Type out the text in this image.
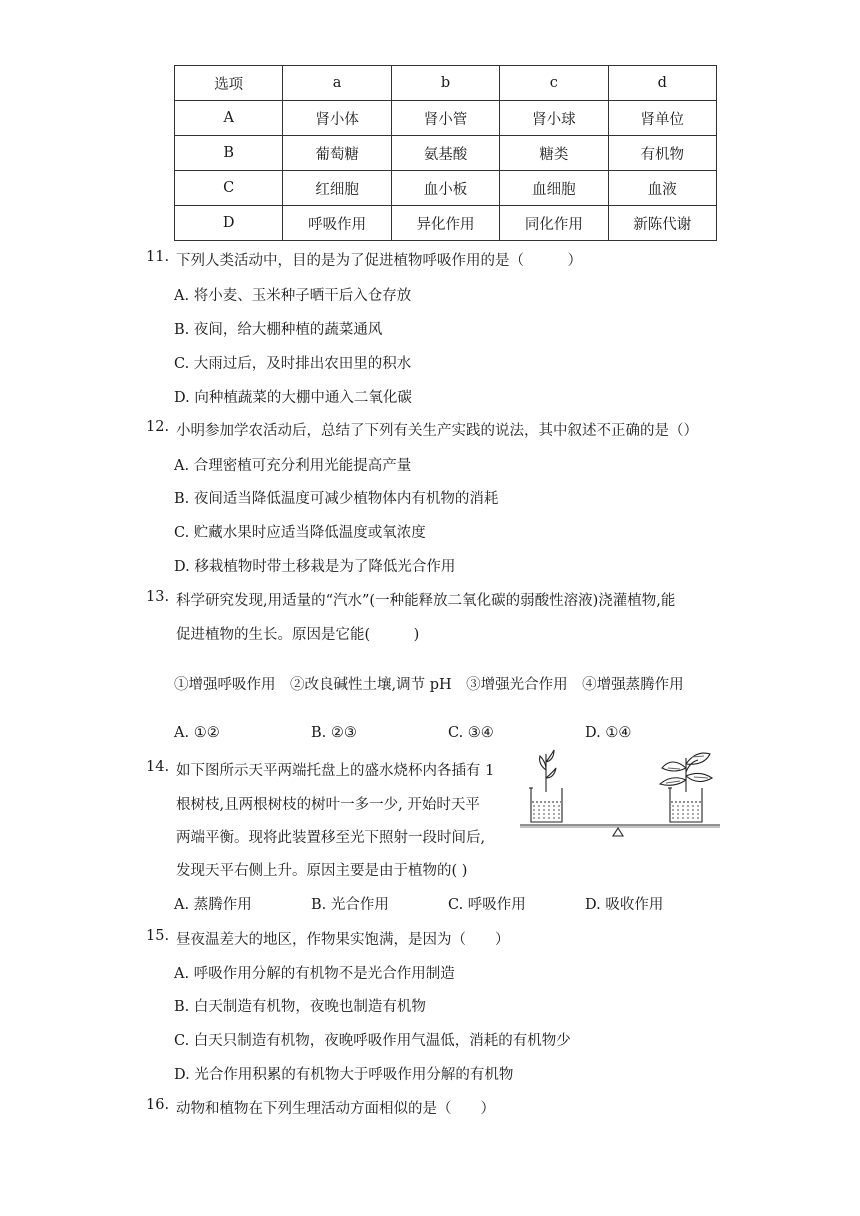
选项	a	b	c	d
A	肾小体	肾小管	肾小球	肾单位
B	葡萄糖	氨基酸	糖类	有机物
C	红细胞	血小板	血细胞	血液
D	呼吸作用	异化作用	同化作用	新陈代谢
11. 下列人类活动中，目的是为了促进植物呼吸作用的是（　　　）
A. 将小麦、玉米种子晒干后入仓存放
B. 夜间，给大棚种植的蔬菜通风
C. 大雨过后，及时排出农田里的积水
D. 向种植蔬菜的大棚中通入二氧化碳
12. 小明参加学农活动后，总结了下列有关生产实践的说法，其中叙述不正确的是（）
A. 合理密植可充分利用光能提高产量
B. 夜间适当降低温度可减少植物体内有机物的消耗
C. 贮藏水果时应适当降低温度或氧浓度
D. 移栽植物时带土移栽是为了降低光合作用
13. 科学研究发现,用适量的“汽水”(一种能释放二氧化碳的弱酸性溶液)浇灌植物,能
促进植物的生长。原因是它能(　　　)
①增强呼吸作用　②改良碱性土壤,调节 pH　③增强光合作用　④增强蒸腾作用
A. ①②	B. ②③	C. ③④	D. ①④
14. 如下图所示天平两端托盘上的盛水烧杯内各插有 1
根树枝,且两根树枝的树叶一多一少, 开始时天平
两端平衡。现将此装置移至光下照射一段时间后,
发现天平右侧上升。原因主要是由于植物的( )
A. 蒸腾作用	B. 光合作用	C. 呼吸作用	D. 吸收作用
15. 昼夜温差大的地区，作物果实饱满，是因为（　　）
A. 呼吸作用分解的有机物不是光合作用制造
B. 白天制造有机物，夜晚也制造有机物
C. 白天只制造有机物，夜晚呼吸作用气温低，消耗的有机物少
D. 光合作用积累的有机物大于呼吸作用分解的有机物
16. 动物和植物在下列生理活动方面相似的是（　　）
